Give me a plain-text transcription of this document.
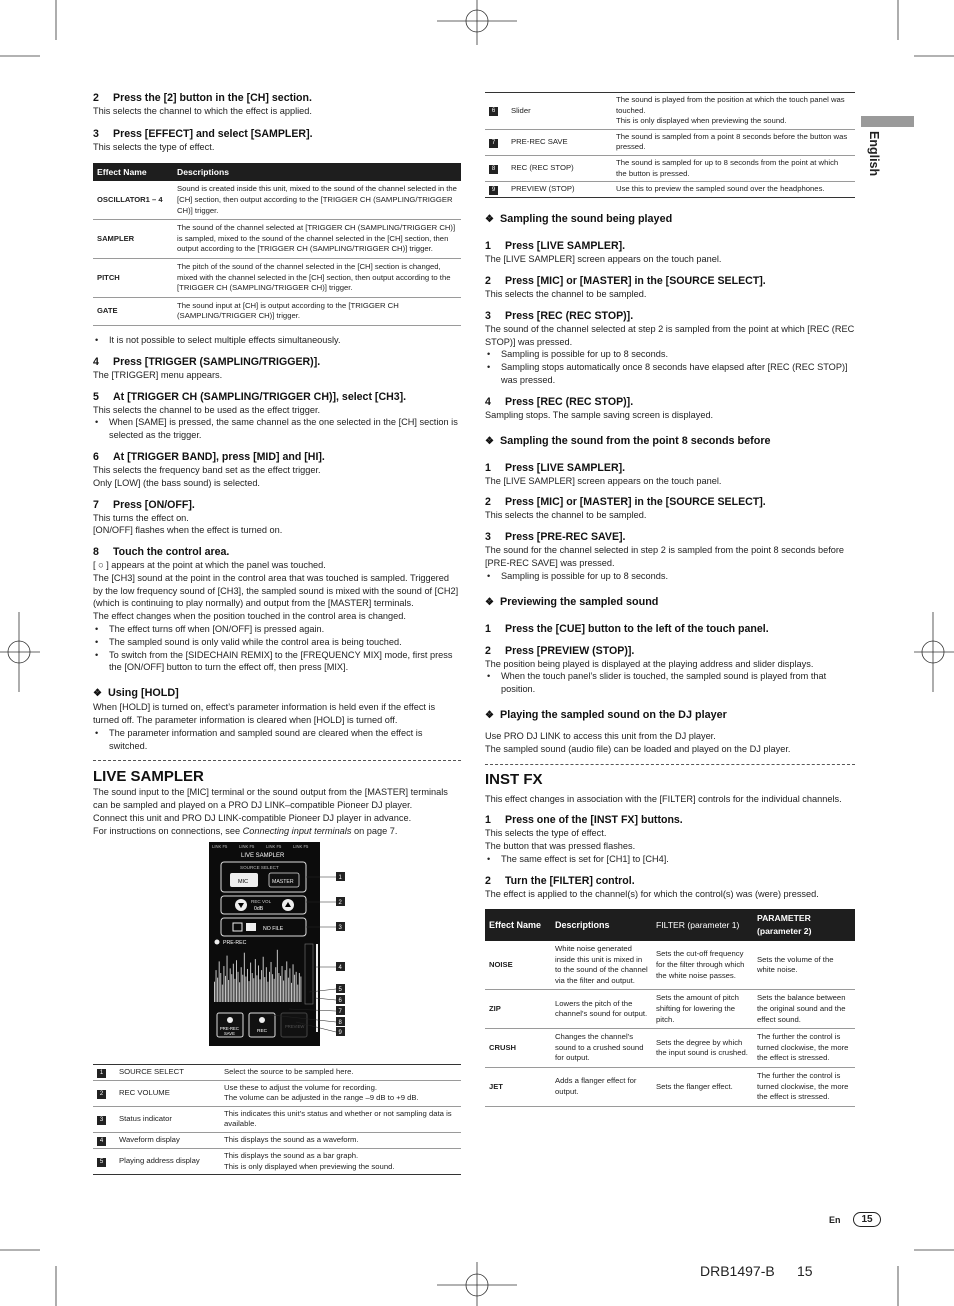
English
2 Press the [2] button in the [CH] section.

This selects the channel to which the effect is applied.

3 Press [EFFECT] and select [SAMPLER].

This selects the type of effect.

Effect Name	Descriptions
OSCILLATOR1 – 4	Sound is created inside this unit, mixed to the sound of the channel selected in the [CH] section, then output according to the [TRIGGER CH (SAMPLING/TRIGGER CH)] trigger.
SAMPLER	The sound of the channel selected at [TRIGGER CH (SAMPLING/TRIGGER CH)] is sampled, mixed to the sound of the channel selected in the [CH] section, then output according to the [TRIGGER CH (SAMPLING/TRIGGER CH)] trigger.
PITCH	The pitch of the sound of the channel selected in the [CH] section is changed, mixed with the channel selected in the [CH] section, then output according to the [TRIGGER CH (SAMPLING/TRIGGER CH)] trigger.
GATE	The sound input at [CH] is output according to the [TRIGGER CH (SAMPLING/TRIGGER CH)] trigger.
• It is not possible to select multiple effects simultaneously.
4 Press [TRIGGER (SAMPLING/TRIGGER)].

The [TRIGGER] menu appears.

5 At [TRIGGER CH (SAMPLING/TRIGGER CH)], select [CH3].

This selects the channel to be used as the effect trigger.

• When [SAME] is pressed, the same channel as the one selected in the [CH] section is selected as the trigger.
6 At [TRIGGER BAND], press [MID] and [HI].

This selects the frequency band set as the effect trigger.

Only [LOW] (the bass sound) is selected.

7 Press [ON/OFF].

This turns the effect on.

[ON/OFF] flashes when the effect is turned on.

8 Touch the control area.

[ ○ ] appears at the point at which the panel was touched.

The [CH3] sound at the point in the control area that was touched is sampled. Triggered by the low frequency sound of [CH3], the sampled sound is mixed with the sound of [CH2] (which is continuing to play normally) and output from the [MASTER] terminals.

The effect changes when the position touched in the control area is changed.

• The effect turns off when [ON/OFF] is pressed again.
• The sampled sound is only valid while the control area is being touched.
• To switch from the [SIDECHAIN REMIX] to the [FREQUENCY MIX] mode, first press the [ON/OFF] button to turn the effect off, then press [MIX].
❖ Using [HOLD]

When [HOLD] is turned on, effect’s parameter information is held even if the effect is turned off. The parameter information is cleared when [HOLD] is turned off.

• The parameter information and sampled sound are cleared when the effect is switched.
LIVE SAMPLER

The sound input to the [MIC] terminal or the sound output from the [MASTER] terminals can be sampled and played on a PRO DJ LINK–compatible Pioneer DJ player.

Connect this unit and PRO DJ LINK-compatible Pioneer DJ player in advance.

For instructions on connections, see Connecting input terminals on page 7.

LINK F5	LINK F5	LINK F5	LINK F5
LIVE SAMPLER
SOURCE SELECT
MIC	MASTER
REC VOL
0dB
NO FILE
PRE-REC
PRE-REC
SAVE	REC
PREVIEW
1
2
3
4
5
6
7
8
9
1	SOURCE SELECT	Select the source to be sampled here.
2	REC VOLUME	Use these to adjust the volume for recording.
The volume can be adjusted in the range –9 dB to +9 dB.
3	Status indicator	This indicates this unit’s status and whether or not sampling data is available.
4	Waveform display	This displays the sound as a waveform.
5	Playing address display	This displays the sound as a bar graph.
This is only displayed when previewing the sound.
6	Slider	The sound is played from the position at which the touch panel was touched.
This is only displayed when previewing the sound.
7	PRE-REC SAVE	The sound is sampled from a point 8 seconds before the button was pressed.
8	REC (REC STOP)	The sound is sampled for up to 8 seconds from the point at which the button is pressed.
9	PREVIEW (STOP)	Use this to preview the sampled sound over the headphones.
❖ Sampling the sound being played
1 Press [LIVE SAMPLER].

The [LIVE SAMPLER] screen appears on the touch panel.

2 Press [MIC] or [MASTER] in the [SOURCE SELECT].

This selects the channel to be sampled.

3 Press [REC (REC STOP)].

The sound of the channel selected at step 2 is sampled from the point at which [REC (REC STOP)] was pressed.

• Sampling is possible for up to 8 seconds.
• Sampling stops automatically once 8 seconds have elapsed after [REC (REC STOP)] was pressed.
4 Press [REC (REC STOP)].

Sampling stops. The sample saving screen is displayed.

❖ Sampling the sound from the point 8 seconds before
1 Press [LIVE SAMPLER].

The [LIVE SAMPLER] screen appears on the touch panel.

2 Press [MIC] or [MASTER] in the [SOURCE SELECT].

This selects the channel to be sampled.

3 Press [PRE-REC SAVE].

The sound for the channel selected in step 2 is sampled from the point 8 seconds before [PRE-REC SAVE] was pressed.

• Sampling is possible for up to 8 seconds.
❖ Previewing the sampled sound
1 Press the [CUE] button to the left of the touch panel.
2 Press [PREVIEW (STOP)].

The position being played is displayed at the playing address and slider displays.

• When the touch panel’s slider is touched, the sampled sound is played from that position.
❖ Playing the sampled sound on the DJ player

Use PRO DJ LINK to access this unit from the DJ player.

The sampled sound (audio file) can be loaded and played on the DJ player.

INST FX

This effect changes in association with the [FILTER] controls for the individual channels.

1 Press one of the [INST FX] buttons.

This selects the type of effect.

The button that was pressed flashes.

• The same effect is set for [CH1] to [CH4].
2 Turn the [FILTER] control.

The effect is applied to the channel(s) for which the control(s) was (were) pressed.

Effect Name	Descriptions	FILTER (parameter 1)	PARAMETER (parameter 2)
NOISE	White noise generated inside this unit is mixed in to the sound of the channel via the filter and output.	Sets the cut-off frequency for the filter through which the white noise passes.	Sets the volume of the white noise.
ZIP	Lowers the pitch of the channel’s sound for output.	Sets the amount of pitch shifting for lowering the pitch.	Sets the balance between the original sound and the effect sound.
CRUSH	Changes the channel’s sound to a crushed sound for output.	Sets the degree by which the input sound is crushed.	The further the control is turned clockwise, the more the effect is stressed.
JET	Adds a flanger effect for output.	Sets the flanger effect.	The further the control is turned clockwise, the more the effect is stressed.
En	15
DRB1497-B 15
